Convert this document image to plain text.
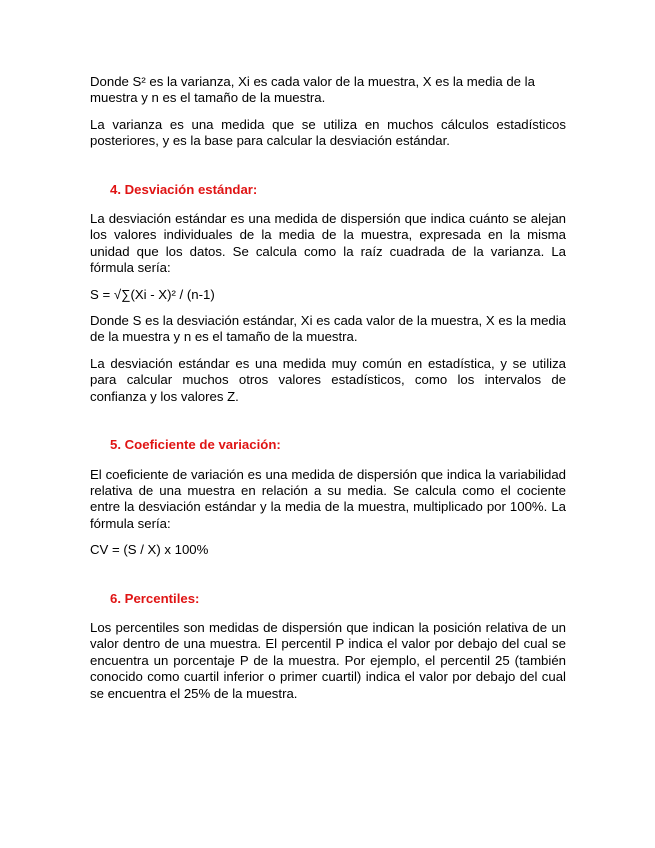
Donde S² es la varianza, Xi es cada valor de la muestra, X es la media de la muestra y n es el tamaño de la muestra.

La varianza es una medida que se utiliza en muchos cálculos estadísticos posteriores, y es la base para calcular la desviación estándar.

4. Desviación estándar:

La desviación estándar es una medida de dispersión que indica cuánto se alejan los valores individuales de la media de la muestra, expresada en la misma unidad que los datos. Se calcula como la raíz cuadrada de la varianza. La fórmula sería:

S = √∑(Xi - X)² / (n-1)

Donde S es la desviación estándar, Xi es cada valor de la muestra, X es la media de la muestra y n es el tamaño de la muestra.

La desviación estándar es una medida muy común en estadística, y se utiliza para calcular muchos otros valores estadísticos, como los intervalos de confianza y los valores Z.

5. Coeficiente de variación:

El coeficiente de variación es una medida de dispersión que indica la variabilidad relativa de una muestra en relación a su media. Se calcula como el cociente entre la desviación estándar y la media de la muestra, multiplicado por 100%. La fórmula sería:

CV = (S / X) x 100%

6. Percentiles:

Los percentiles son medidas de dispersión que indican la posición relativa de un valor dentro de una muestra. El percentil P indica el valor por debajo del cual se encuentra un porcentaje P de la muestra. Por ejemplo, el percentil 25 (también conocido como cuartil inferior o primer cuartil) indica el valor por debajo del cual se encuentra el 25% de la muestra.
